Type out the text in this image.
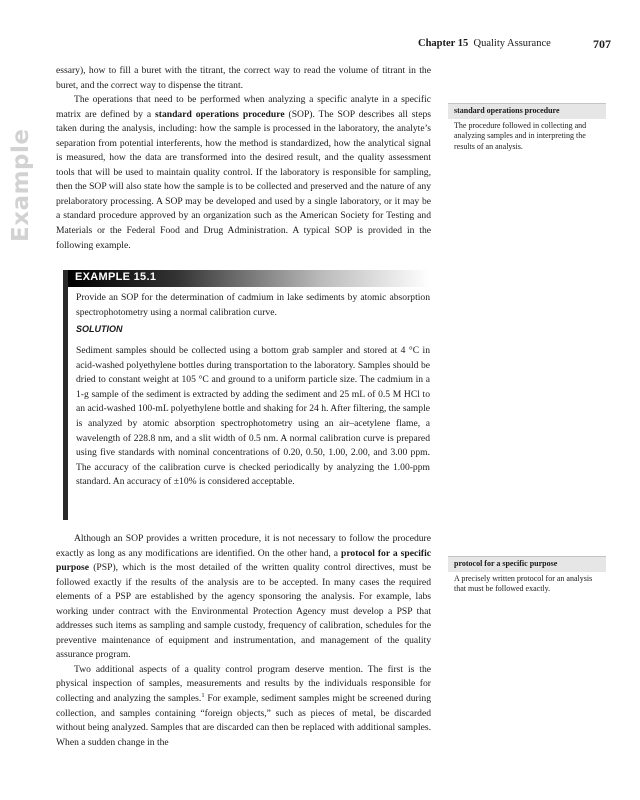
Chapter 15 Quality Assurance	707

essary), how to fill a buret with the titrant, the correct way to read the volume of titrant in the buret, and the correct way to dispense the titrant.

The operations that need to be performed when analyzing a specific analyte in a specific matrix are defined by a standard operations procedure (SOP). The SOP describes all steps taken during the analysis, including: how the sample is processed in the laboratory, the analyte’s separation from potential interferents, how the method is standardized, how the analytical signal is measured, how the data are transformed into the desired result, and the quality assessment tools that will be used to maintain quality control. If the laboratory is responsible for sampling, then the SOP will also state how the sample is to be collected and preserved and the nature of any prelaboratory processing. A SOP may be developed and used by a single laboratory, or it may be a standard procedure approved by an organization such as the American Society for Testing and Materials or the Federal Food and Drug Administration. A typical SOP is provided in the following example.

standard operations procedure
The procedure followed in collecting and analyzing samples and in interpreting the results of an analysis.
Example
EXAMPLE 15.1

Provide an SOP for the determination of cadmium in lake sediments by atomic absorption spectrophotometry using a normal calibration curve.

SOLUTION

Sediment samples should be collected using a bottom grab sampler and stored at 4 °C in acid-washed polyethylene bottles during transportation to the laboratory. Samples should be dried to constant weight at 105 °C and ground to a uniform particle size. The cadmium in a 1-g sample of the sediment is extracted by adding the sediment and 25 mL of 0.5 M HCl to an acid-washed 100-mL polyethylene bottle and shaking for 24 h. After filtering, the sample is analyzed by atomic absorption spectrophotometry using an air–acetylene flame, a wavelength of 228.8 nm, and a slit width of 0.5 nm. A normal calibration curve is prepared using five standards with nominal concentrations of 0.20, 0.50, 1.00, 2.00, and 3.00 ppm. The accuracy of the calibration curve is checked periodically by analyzing the 1.00-ppm standard. An accuracy of ±10% is considered acceptable.

Although an SOP provides a written procedure, it is not necessary to follow the procedure exactly as long as any modifications are identified. On the other hand, a protocol for a specific purpose (PSP), which is the most detailed of the written quality control directives, must be followed exactly if the results of the analysis are to be accepted. In many cases the required elements of a PSP are established by the agency sponsoring the analysis. For example, labs working under contract with the Environmental Protection Agency must develop a PSP that addresses such items as sampling and sample custody, frequency of calibration, schedules for the preventive maintenance of equipment and instrumentation, and management of the quality assurance program.

Two additional aspects of a quality control program deserve mention. The first is the physical inspection of samples, measurements and results by the individuals responsible for collecting and analyzing the samples.$^1$ For example, sediment samples might be screened during collection, and samples containing “foreign objects,” such as pieces of metal, be discarded without being analyzed. Samples that are discarded can then be replaced with additional samples. When a sudden change in the

protocol for a specific purpose
A precisely written protocol for an analysis that must be followed exactly.
